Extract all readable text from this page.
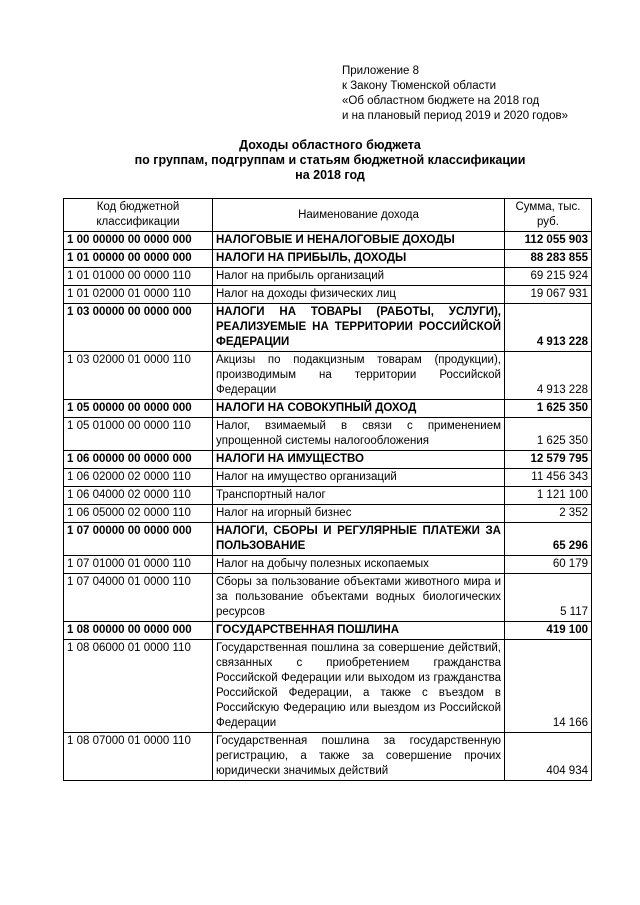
Приложение 8
к Закону Тюменской области
«Об областном бюджете на 2018 год
и на плановый период 2019 и 2020 годов»
Доходы областного бюджета
по группам, подгруппам и статьям бюджетной классификации
на 2018 год
Код бюджетной классификации	Наименование дохода	Сумма, тыс. руб.
1 00 00000 00 0000 000	НАЛОГОВЫЕ И НЕНАЛОГОВЫЕ ДОХОДЫ	112 055 903
1 01 00000 00 0000 000	НАЛОГИ НА ПРИБЫЛЬ, ДОХОДЫ	88 283 855
1 01 01000 00 0000 110	Налог на прибыль организаций	69 215 924
1 01 02000 01 0000 110	Налог на доходы физических лиц	19 067 931
1 03 00000 00 0000 000	НАЛОГИ НА ТОВАРЫ (РАБОТЫ, УСЛУГИ), РЕАЛИЗУЕМЫЕ НА ТЕРРИТОРИИ РОССИЙСКОЙ ФЕДЕРАЦИИ	4 913 228
1 03 02000 01 0000 110	Акцизы по подакцизным товарам (продукции), производимым на территории Российской Федерации	4 913 228
1 05 00000 00 0000 000	НАЛОГИ НА СОВОКУПНЫЙ ДОХОД	1 625 350
1 05 01000 00 0000 110	Налог, взимаемый в связи с применением упрощенной системы налогообложения	1 625 350
1 06 00000 00 0000 000	НАЛОГИ НА ИМУЩЕСТВО	12 579 795
1 06 02000 02 0000 110	Налог на имущество организаций	11 456 343
1 06 04000 02 0000 110	Транспортный налог	1 121 100
1 06 05000 02 0000 110	Налог на игорный бизнес	2 352
1 07 00000 00 0000 000	НАЛОГИ, СБОРЫ И РЕГУЛЯРНЫЕ ПЛАТЕЖИ ЗА ПОЛЬЗОВАНИЕ	65 296
1 07 01000 01 0000 110	Налог на добычу полезных ископаемых	60 179
1 07 04000 01 0000 110	Сборы за пользование объектами животного мира и за пользование объектами водных биологических ресурсов	5 117
1 08 00000 00 0000 000	ГОСУДАРСТВЕННАЯ ПОШЛИНА	419 100
1 08 06000 01 0000 110	Государственная пошлина за совершение действий, связанных с приобретением гражданства Российской Федерации или выходом из гражданства Российской Федерации, а также с въездом в Российскую Федерацию или выездом из Российской Федерации	14 166
1 08 07000 01 0000 110	Государственная пошлина за государственную регистрацию, а также за совершение прочих юридически значимых действий	404 934
